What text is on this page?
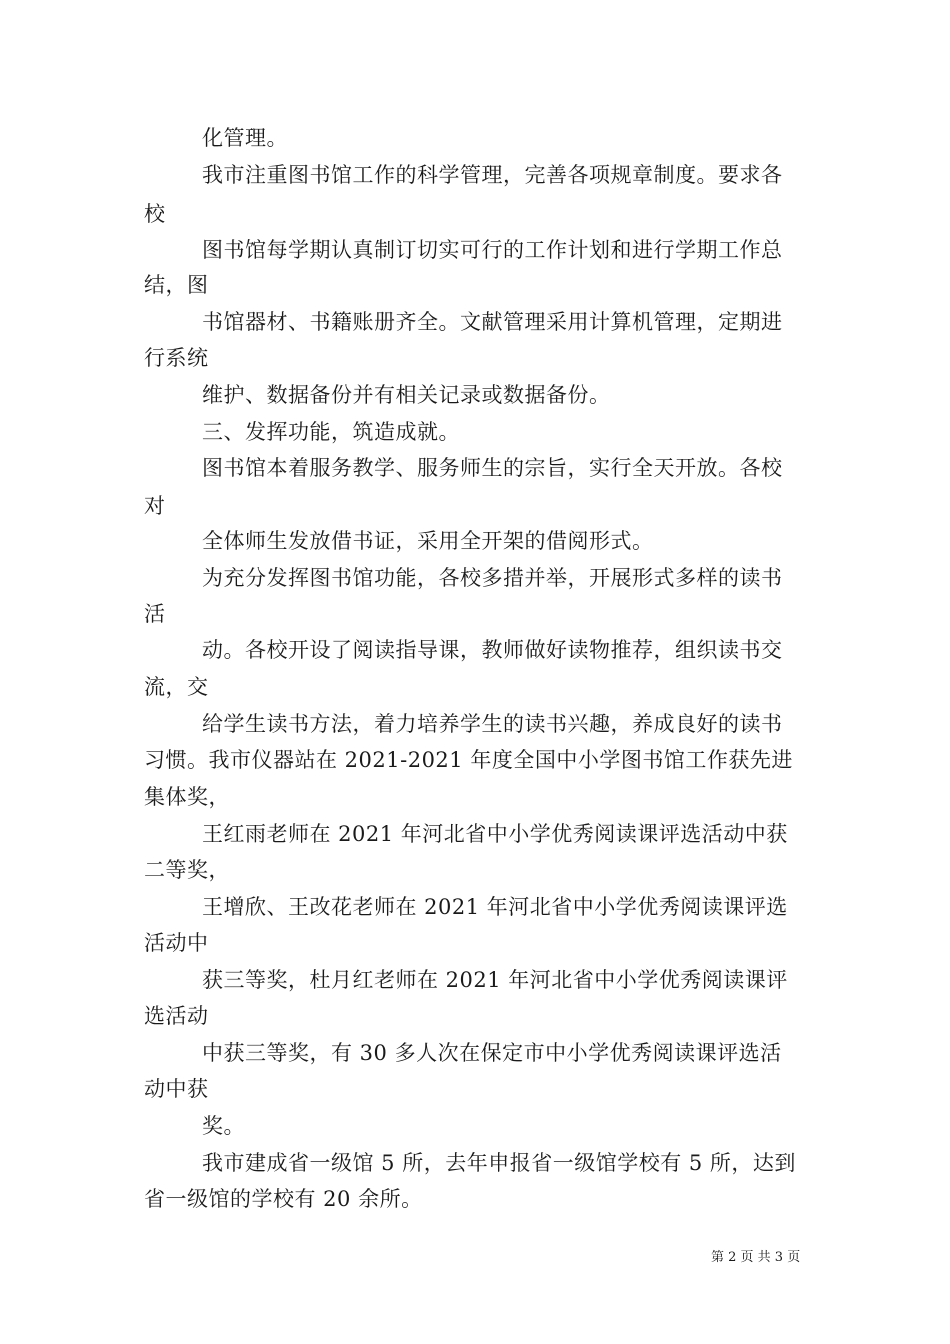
化管理。
我市注重图书馆工作的科学管理，完善各项规章制度。要求各
校
图书馆每学期认真制订切实可行的工作计划和进行学期工作总
结，图
书馆器材、书籍账册齐全。文献管理采用计算机管理，定期进
行系统
维护、数据备份并有相关记录或数据备份。
三、发挥功能，筑造成就。
图书馆本着服务教学、服务师生的宗旨，实行全天开放。各校
对
全体师生发放借书证，采用全开架的借阅形式。
为充分发挥图书馆功能，各校多措并举，开展形式多样的读书
活
动。各校开设了阅读指导课，教师做好读物推荐，组织读书交
流，交
给学生读书方法，着力培养学生的读书兴趣，养成良好的读书
习惯。我市仪器站在 2021-2021 年度全国中小学图书馆工作获先进
集体奖，
王红雨老师在 2021 年河北省中小学优秀阅读课评选活动中获
二等奖，
王增欣、王改花老师在 2021 年河北省中小学优秀阅读课评选
活动中
获三等奖，杜月红老师在 2021 年河北省中小学优秀阅读课评
选活动
中获三等奖，有 30 多人次在保定市中小学优秀阅读课评选活
动中获
奖。
我市建成省一级馆 5 所，去年申报省一级馆学校有 5 所，达到
省一级馆的学校有 20 余所。
第 2 页 共 3 页
